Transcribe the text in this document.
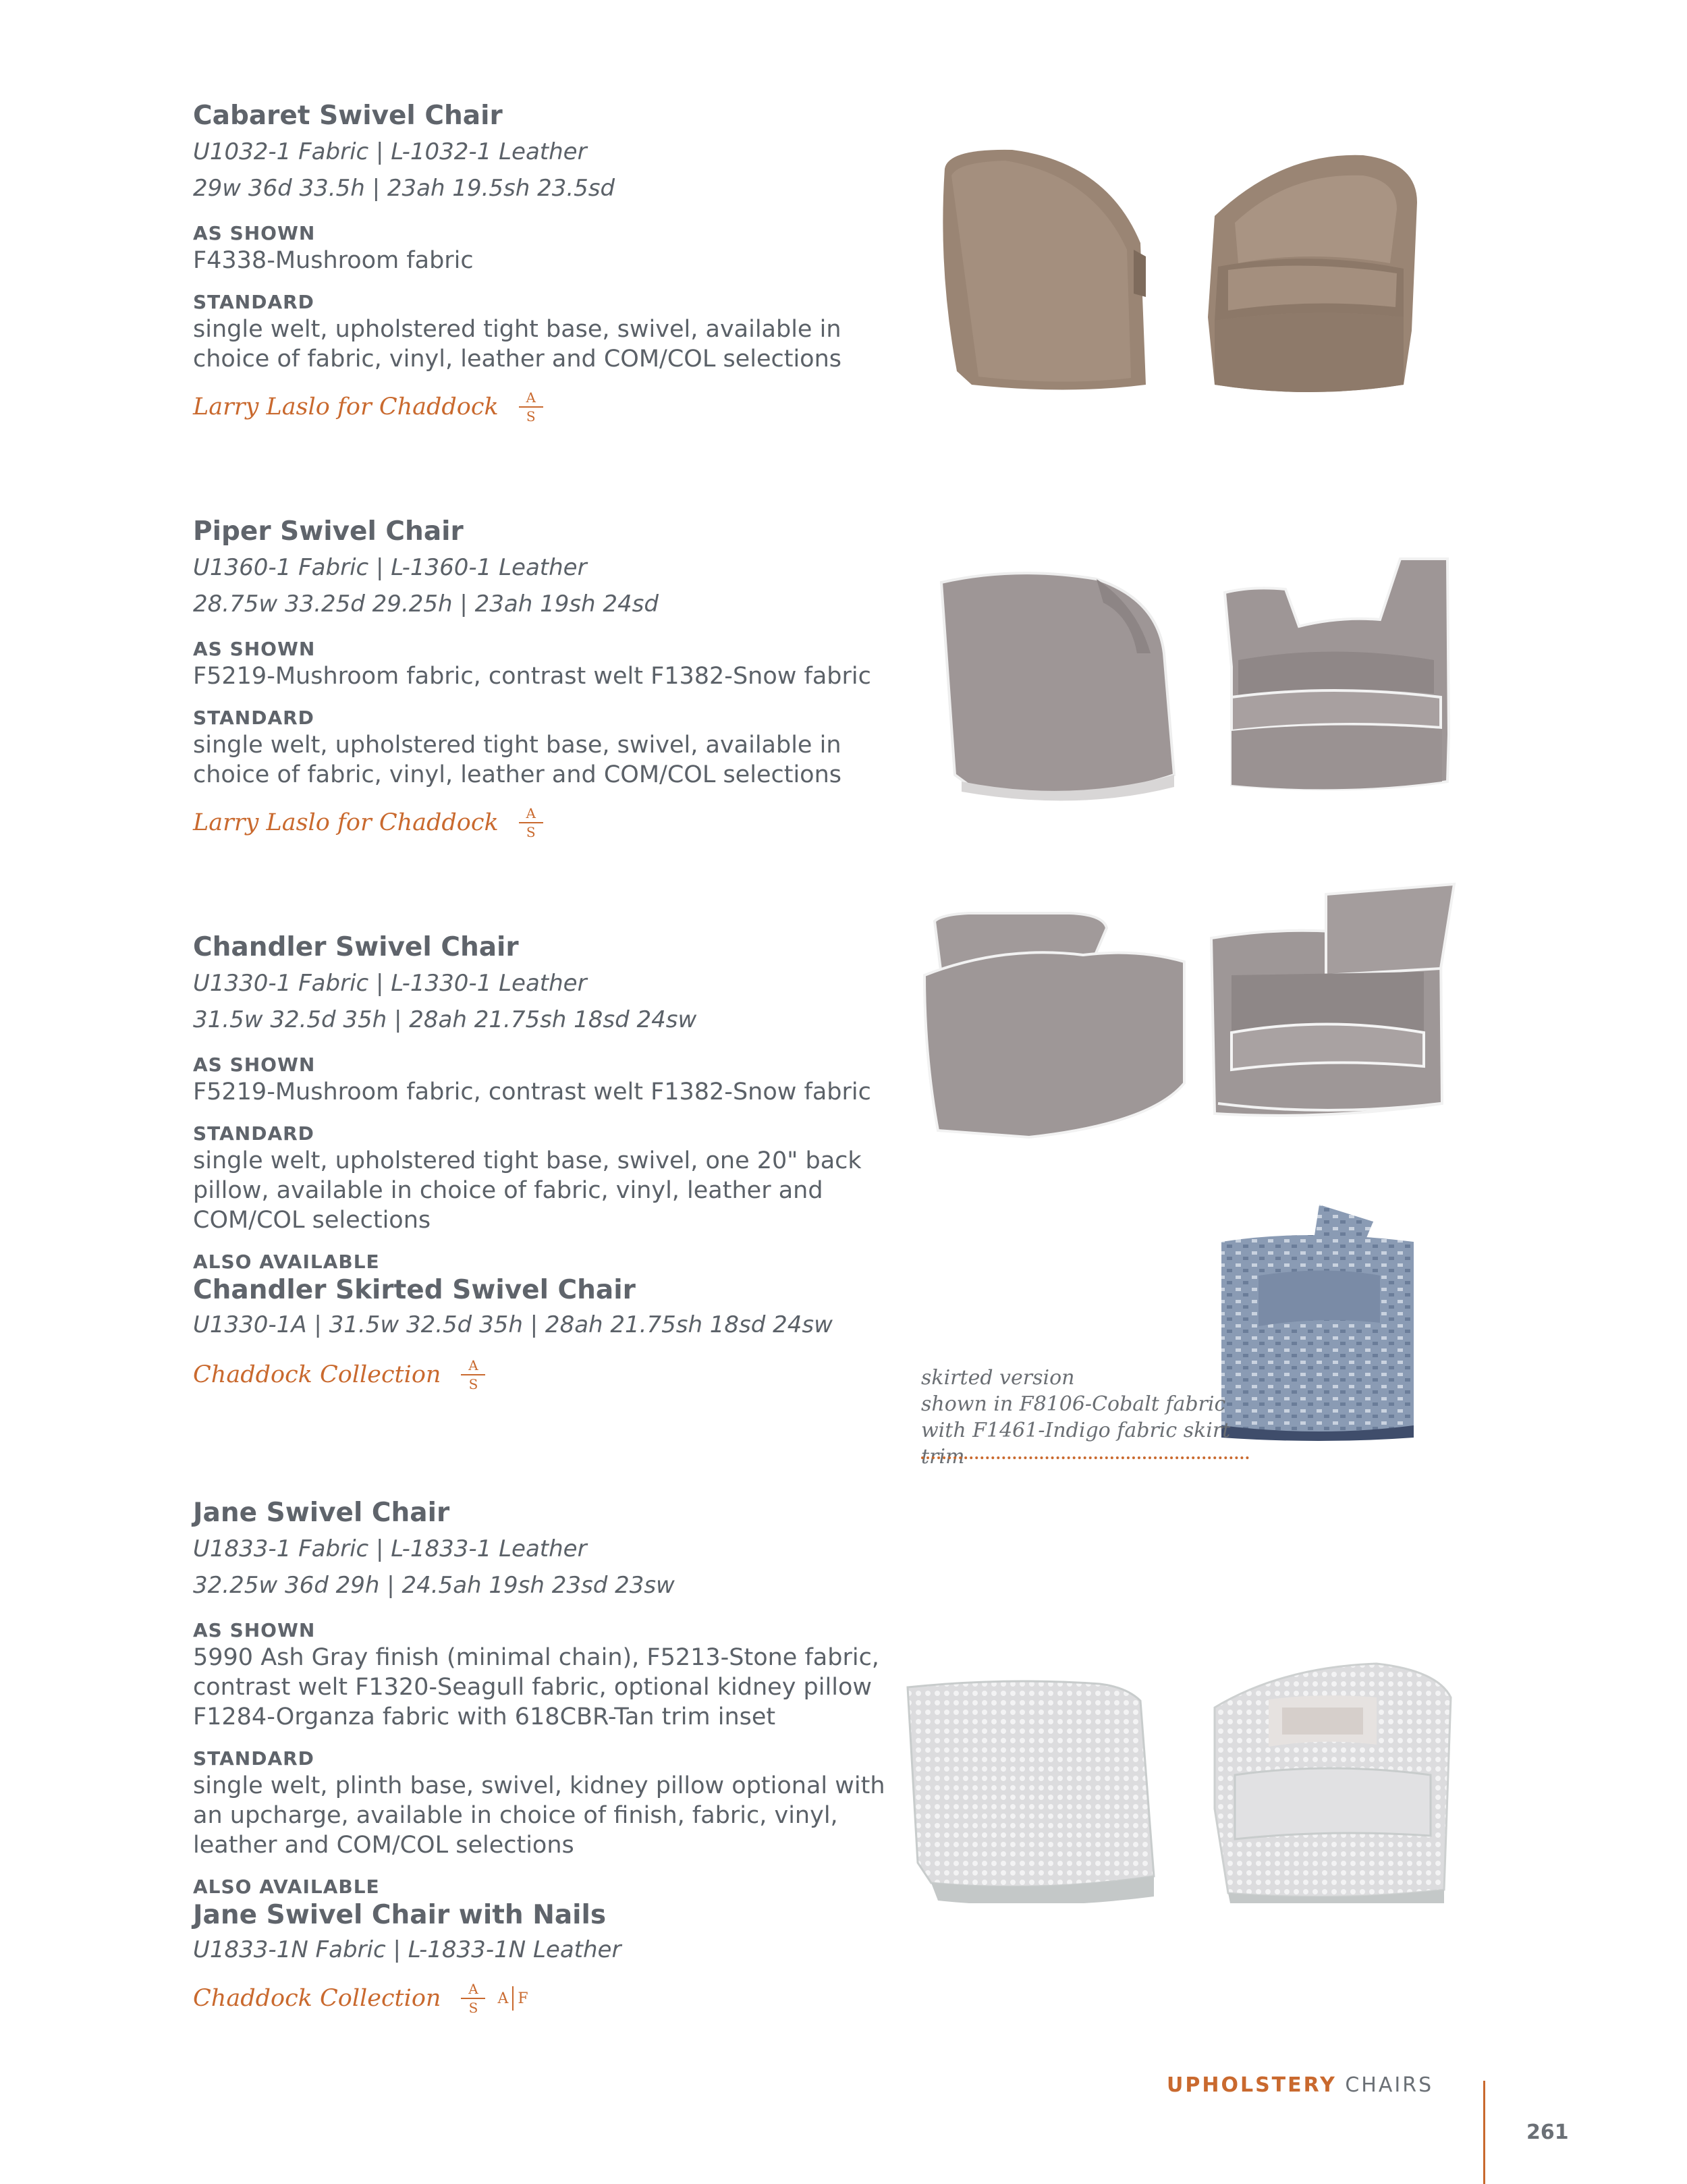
Cabaret Swivel Chair
U1032-1 Fabric | L-1032-1 Leather
29w 36d 33.5h | 23ah 19.5sh 23.5sd
AS SHOWN
F4338-Mushroom fabric
STANDARD
single welt, upholstered tight base, swivel, available in
choice of fabric, vinyl, leather and COM/COL selections
Larry Laslo for Chaddock A
S
Piper Swivel Chair
U1360-1 Fabric | L-1360-1 Leather
28.75w 33.25d 29.25h | 23ah 19sh 24sd
AS SHOWN
F5219-Mushroom fabric, contrast welt F1382-Snow fabric
STANDARD
single welt, upholstered tight base, swivel, available in
choice of fabric, vinyl, leather and COM/COL selections
Larry Laslo for Chaddock A
S
Chandler Swivel Chair
U1330-1 Fabric | L-1330-1 Leather
31.5w 32.5d 35h | 28ah 21.75sh 18sd 24sw
AS SHOWN
F5219-Mushroom fabric, contrast welt F1382-Snow fabric
STANDARD
single welt, upholstered tight base, swivel, one 20" back
pillow, available in choice of fabric, vinyl, leather and
COM/COL selections
ALSO AVAILABLE
Chandler Skirted Swivel Chair
U1330-1A | 31.5w 32.5d 35h | 28ah 21.75sh 18sd 24sw
Chaddock Collection A
S	skirted version
shown in F8106-Cobalt fabric
with F1461-Indigo fabric skirt trim
Jane Swivel Chair
U1833-1 Fabric | L-1833-1 Leather
32.25w 36d 29h | 24.5ah 19sh 23sd 23sw
AS SHOWN
5990 Ash Gray finish (minimal chain), F5213-Stone fabric,
contrast welt F1320-Seagull fabric, optional kidney pillow
F1284-Organza fabric with 618CBR-Tan trim inset
STANDARD
single welt, plinth base, swivel, kidney pillow optional with
an upcharge, available in choice of finish, fabric, vinyl,
leather and COM/COL selections
ALSO AVAILABLE
Jane Swivel Chair with Nails
U1833-1N Fabric | L-1833-1N Leather
Chaddock Collection A
S
A F
UPHOLSTERY CHAIRS
261
